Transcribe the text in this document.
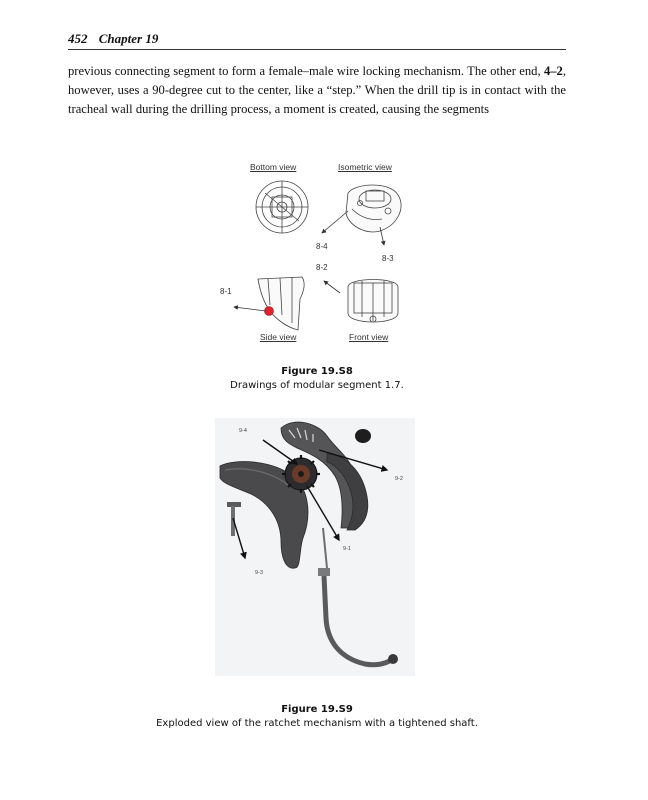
452 Chapter 19
previous connecting segment to form a female–male wire locking mechanism. The other end, 4–2, however, uses a 90-degree cut to the center, like a “step.” When the drill tip is in contact with the tracheal wall during the drilling process, a moment is created, causing the segments
Bottom view	Isometric view
Side view	Front view
8-1
8-2
8-3
8-4
Figure 19.S8
Drawings of modular segment 1.7.
9-4
9-2
9-1
9-3
Figure 19.S9
Exploded view of the ratchet mechanism with a tightened shaft.
